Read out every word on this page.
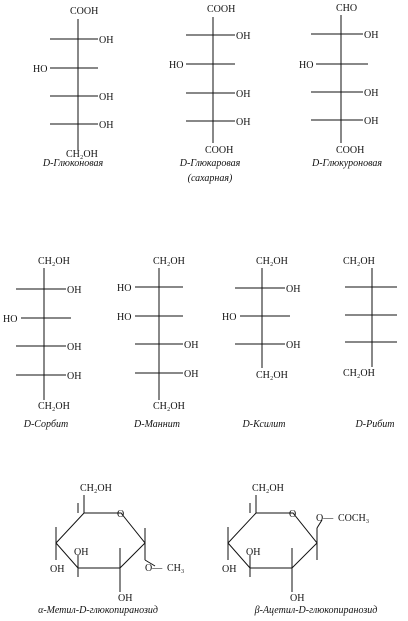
COOH
OH
HO
OH
OH
CH₂OH
D-Глюконовая
COOH
OH
HO
OH
OH
COOH
D-Глюкаровая
(сахарная)
CHO
OH
HO
OH
OH
COOH
D-Глюкуроновая
CH₂OH
OH
HO
OH
OH
CH₂OH
D-Сорбит
CH₂OH
HO
HO
OH
OH
CH₂OH
D-Маннит
CH₂OH
OH
HO
OH
CH₂OH
D-Ксилит
CH₂OH
CH₂OH
D-Рибит
CH₂OH
O
OH
OH
OH
O— CH₃
α-Метил-D-глюкопиранозид
CH₂OH
O
OH
OH
OH
O— COCH₃
β-Ацетил-D-глюкопиранозид
